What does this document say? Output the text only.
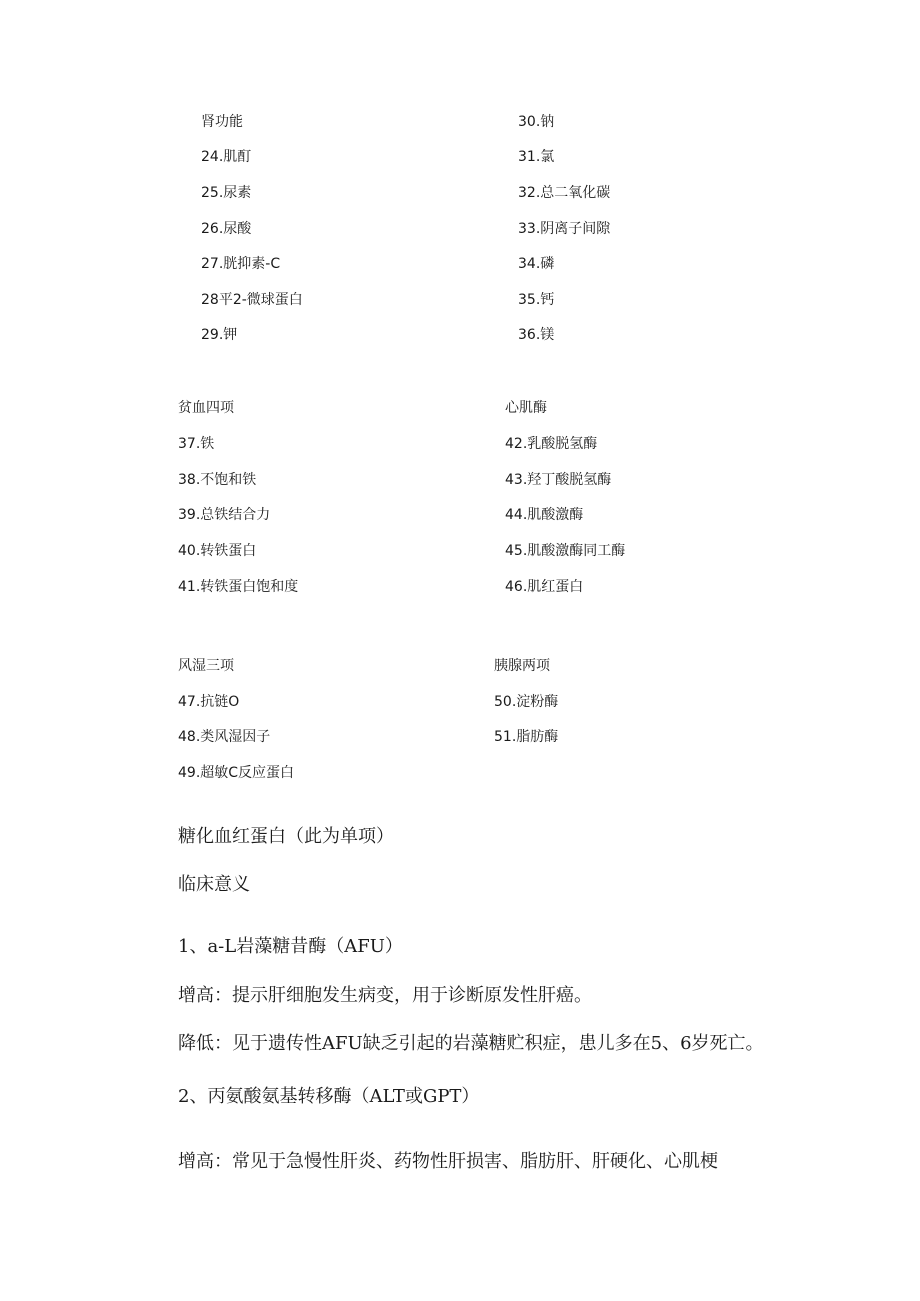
肾功能
24.肌酊
25.尿素
26.尿酸
27.胱抑素-C
28平2-微球蛋白
29.钾
30.钠
31.氯
32.总二氧化碳
33.阴离子间隙
34.磷
35.钙
36.镁
贫血四项
37.铁
38.不饱和铁
39.总铁结合力
40.转铁蛋白
41.转铁蛋白饱和度
心肌酶
42.乳酸脱氢酶
43.羟丁酸脱氢酶
44.肌酸激酶
45.肌酸激酶同工酶
46.肌红蛋白
风湿三项
47.抗链O
48.类风湿因子
49.超敏C反应蛋白
胰腺两项
50.淀粉酶
51.脂肪酶
糖化血红蛋白（此为单项）
临床意义
1、a-L岩藻糖昔酶（AFU）
增高：提示肝细胞发生病变，用于诊断原发性肝癌。
降低：见于遗传性AFU缺乏引起的岩藻糖贮积症，患儿多在5、6岁死亡。
2、丙氨酸氨基转移酶（ALT或GPT）
增高：常见于急慢性肝炎、药物性肝损害、脂肪肝、肝硬化、心肌梗
